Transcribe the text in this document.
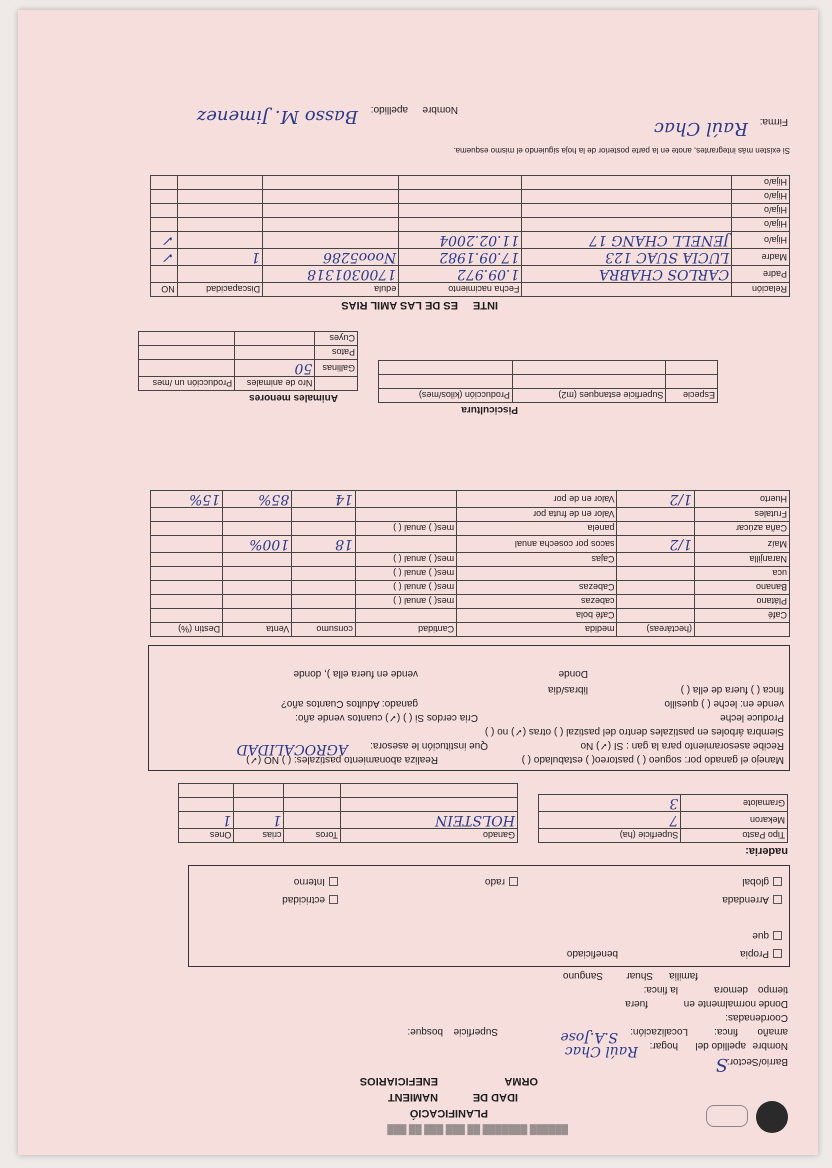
██████ ███████ ██ ███ ███ ██ ███
PLANIFICACIÓ
IDAD DE
NAMIENT
ORMA
ENEFICIARIOS
Barrio/Sector:
S
Nombre
apellido del
hogar:
Raúl Chac
amaño
finca:
Localización:
S.A.Jose
Superficie
bosque:
Coordenadas:
Donde
normalmente en
fuera
tiempo
demora
la finca:
familia
Shuar
Sanguno
Propia
beneficiado
que
Arrendada
global
ectricidad
Interno	rado
naderia:
Tipo Pasto	Superficie (ha)
Mekaron	7
Gramalote	3
Ganado	Toros	crias	Ones
HOLSTEIN		1	1

Manejo el ganado por: sogueo ( ) pastoreo( ) estabulado ( )
Realiza abonamiento pastizales: ( ) NO (✓)
Recibe asesoramiento para la gan : SI (✓) No
Que institución le asesora:
AGROCALIDAD
Siembra árboles en pastizales dentro del pastizal ( ) otras (✓) no ( )
Produce leche
Cria cerdos Si ( ) (✓) cuantos vende año:
vende en: leche ( ) quesillo
ganado: Adultos Cuantos año?
finca ( ) fuera de ella ( )
libras/dia
Donde
vende en fuera ella ), donde
	(hectáreas)	medida	Cantidad	consumo	Venta	Destin (%)
Café		Café bola				
Plátano		cabezas	mes( ) anual ( )			
Banano		Cabezas	mes( ) anual ( )			
uca			mes( ) anual ( )			
Naranjilla		Cajas	mes( ) anual ( )			
Maíz	1/2	sacos por cosecha anual		18	100%	
Caña azúcar		panela	mes( ) anual ( )			
Frutales		Valor en de fruta por				
Huerto	1/2	Valor en de por		14	85%	15%
Piscicultura
Especie	Superficie estanques (m2)	Producción (kilos/mes)

Animales menores
	Nro de animales	Producción un /mes
Gallinas	50	
Patos		
Cuyes		
INTE
ES DE LAS AMIL RIAS
Relación		Fecha nacimiento	edula	Discapacidad	NO
Padre	CARLOS CHABRA	1.09.972	1700301318		
Madre	LUCIA SUAC 123	17.09.1982	Nooo5286	1	✓
Hija/o	JENELL CHANG 17	11.02.2004			✓
Hija/o					
Hija/o					
Hija/o					
Hija/o					
Si existen más integrantes, anote en la parte posterior de la hoja siguiendo el mismo esquema.
Firma:
Raúl Chac
Nombre
apellido:
Basso M. Jimenez
